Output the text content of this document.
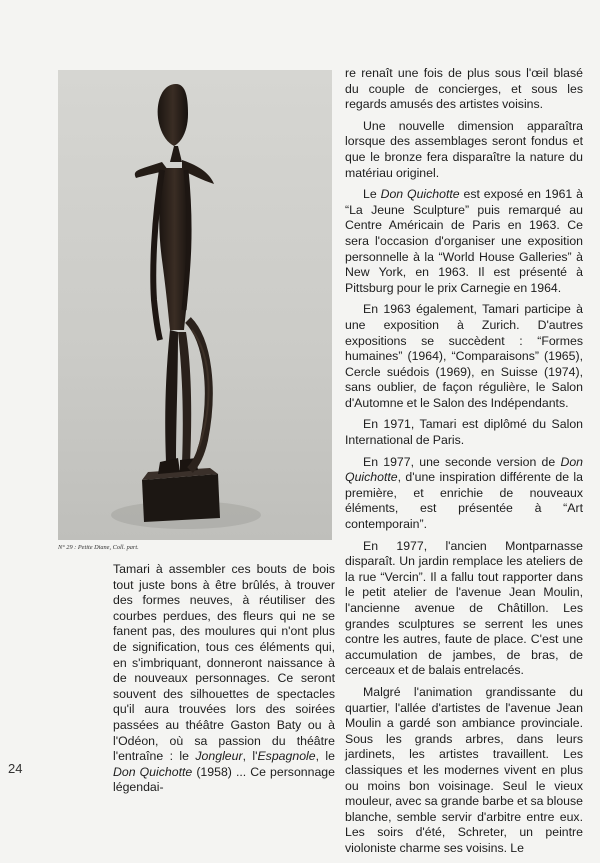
N° 29 : Petite Diane, Coll. part.

Tamari à assembler ces bouts de bois tout juste bons à être brûlés, à trouver des formes neuves, à réutiliser des courbes perdues, des fleurs qui ne se fanent pas, des moulures qui n'ont plus de signification, tous ces éléments qui, en s'imbriquant, donneront naissance à de nouveaux personnages. Ce seront souvent des silhouettes de spectacles qu'il aura trouvées lors des soirées passées au théâtre Gaston Baty ou à l'Odéon, où sa passion du théâtre l'entraîne : le Jongleur, l'Espagnole, le Don Quichotte (1958) ... Ce personnage légendai-

re renaît une fois de plus sous l'œil blasé du couple de concierges, et sous les regards amusés des artistes voisins.

Une nouvelle dimension apparaîtra lorsque des assemblages seront fondus et que le bronze fera disparaître la nature du matériau originel.

Le Don Quichotte est exposé en 1961 à “La Jeune Sculpture” puis remarqué au Centre Américain de Paris en 1963. Ce sera l'occasion d'organiser une exposition personnelle à la “World House Galleries” à New York, en 1963. Il est présenté à Pittsburg pour le prix Carnegie en 1964.

En 1963 également, Tamari participe à une exposition à Zurich. D'autres expositions se succèdent : “Formes humaines” (1964), “Comparaisons” (1965), Cercle suédois (1969), en Suisse (1974), sans oublier, de façon régulière, le Salon d'Automne et le Salon des Indépendants.

En 1971, Tamari est diplômé du Salon International de Paris.

En 1977, une seconde version de Don Quichotte, d'une inspiration différente de la première, et enrichie de nouveaux éléments, est présentée à “Art contemporain”.

En 1977, l'ancien Montparnasse disparaît. Un jardin remplace les ateliers de la rue “Vercin”. Il a fallu tout rapporter dans le petit atelier de l'avenue Jean Moulin, l'ancienne avenue de Châtillon. Les grandes sculptures se serrent les unes contre les autres, faute de place. C'est une accumulation de jambes, de bras, de cerceaux et de balais entrelacés.

Malgré l'animation grandissante du quartier, l'allée d'artistes de l'avenue Jean Moulin a gardé son ambiance provinciale. Sous les grands arbres, dans leurs jardinets, les artistes travaillent. Les classiques et les modernes vivent en plus ou moins bon voisinage. Seul le vieux mouleur, avec sa grande barbe et sa blouse blanche, semble servir d'arbitre entre eux. Les soirs d'été, Schreter, un peintre violoniste charme ses voisins. Le

24
